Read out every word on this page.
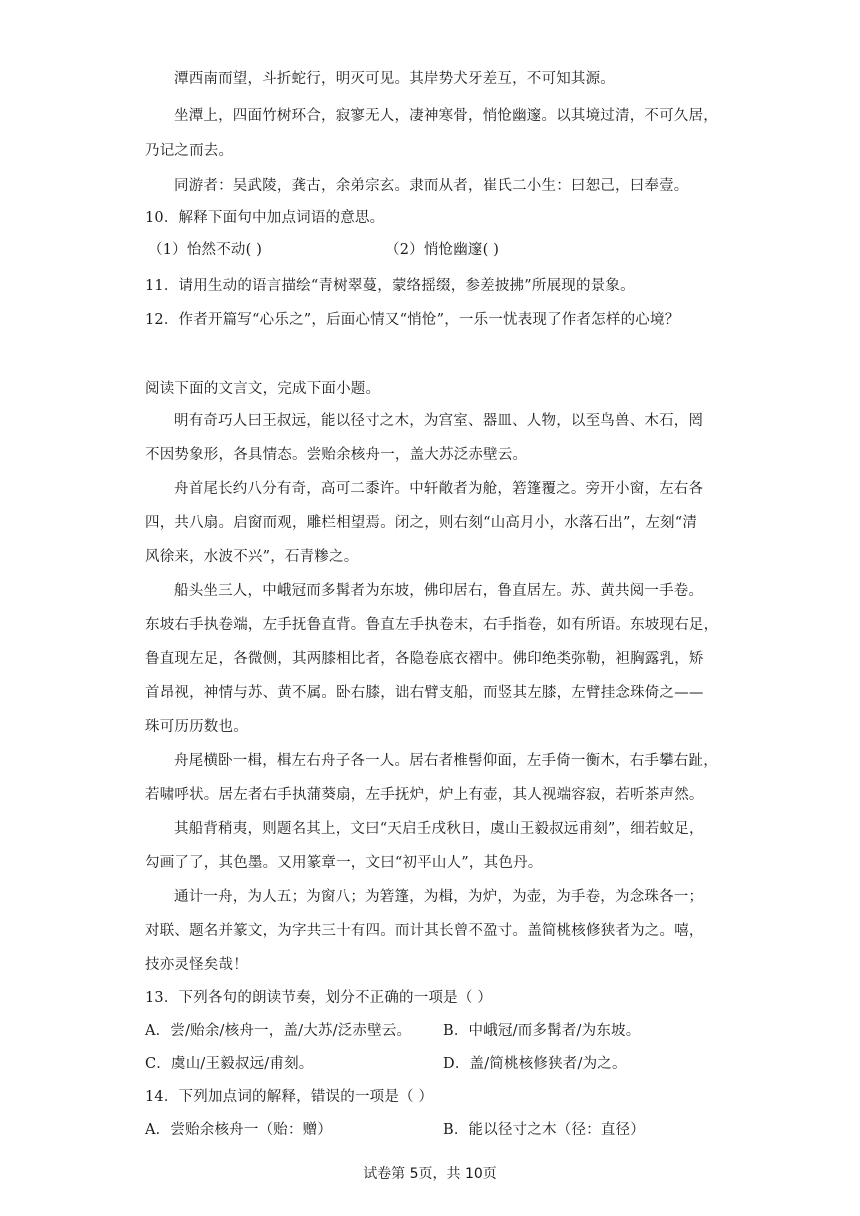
潭西南而望，斗折蛇行，明灭可见。其岸势犬牙差互，不可知其源。
坐潭上，四面竹树环合，寂寥无人，凄神寒骨，悄怆幽邃。以其境过清，不可久居，
乃记之而去。
同游者：吴武陵，龚古，余弟宗玄。隶而从者，崔氏二小生：曰恕己，曰奉壹。
10．解释下面句中加点词语的意思。
（1）怡然不动( )	（2）悄怆幽邃( )
11．请用生动的语言描绘“青树翠蔓，蒙络摇缀，参差披拂”所展现的景象。
12．作者开篇写“心乐之”，后面心情又“悄怆”，一乐一忧表现了作者怎样的心境？
阅读下面的文言文，完成下面小题。
明有奇巧人曰王叔远，能以径寸之木，为宫室、器皿、人物，以至鸟兽、木石，罔
不因势象形，各具情态。尝贻余核舟一，盖大苏泛赤壁云。
舟首尾长约八分有奇，高可二黍许。中轩敞者为舱，箬篷覆之。旁开小窗，左右各
四，共八扇。启窗而观，雕栏相望焉。闭之，则右刻“山高月小，水落石出”，左刻“清
风徐来，水波不兴”，石青糁之。
船头坐三人，中峨冠而多髯者为东坡，佛印居右，鲁直居左。苏、黄共阅一手卷。
东坡右手执卷端，左手抚鲁直背。鲁直左手执卷末，右手指卷，如有所语。东坡现右足，
鲁直现左足，各微侧，其两膝相比者，各隐卷底衣褶中。佛印绝类弥勒，袒胸露乳，矫
首昂视，神情与苏、黄不属。卧右膝，诎右臂支船，而竖其左膝，左臂挂念珠倚之——
珠可历历数也。
舟尾横卧一楫，楫左右舟子各一人。居右者椎髻仰面，左手倚一衡木，右手攀右趾，
若啸呼状。居左者右手执蒲葵扇，左手抚炉，炉上有壶，其人视端容寂，若听茶声然。
其船背稍夷，则题名其上，文曰“天启壬戌秋日，虞山王毅叔远甫刻”，细若蚊足，
勾画了了，其色墨。又用篆章一，文曰“初平山人”，其色丹。
通计一舟，为人五；为窗八；为箬篷，为楫，为炉，为壶，为手卷，为念珠各一；
对联、题名并篆文，为字共三十有四。而计其长曾不盈寸。盖简桃核修狭者为之。嘻，
技亦灵怪矣哉！
13．下列各句的朗读节奏，划分不正确的一项是（ ）
A．尝/贻余/核舟一，盖/大苏/泛赤壁云。	B．中峨冠/而多髯者/为东坡。
C．虞山/王毅叔远/甫刻。	D．盖/简桃核修狭者/为之。
14．下列加点词的解释，错误的一项是（ ）
A．尝贻余核舟一（贻：赠）	B．能以径寸之木（径：直径）
试卷第 5页，共 10页
